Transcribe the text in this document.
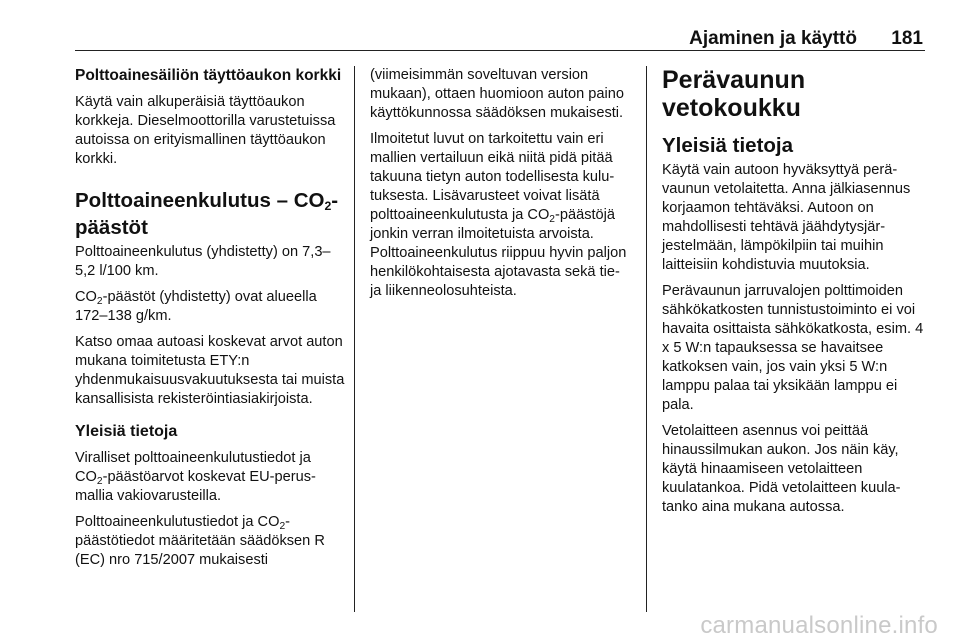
Ajaminen ja käyttö 181
Polttoainesäiliön täyttöaukon korkki

Käytä vain alkuperäisiä täyttöaukon korkkeja. Dieselmoottorilla varustetuissa autoissa on erityismallinen täyttöaukon korkki.

Polttoaineenkulutus – $CO_2$-päästöt

Polttoaineenkulutus (yhdistetty) on 7,3–5,2 l/100 km.

$CO_2$-päästöt (yhdistetty) ovat alueella 172–138 g/km.

Katso omaa autoasi koskevat arvot auton mukana toimitetusta ETY:n yhdenmukaisuusvakuutuksesta tai muista kansallisista rekisteröintiasiakirjoista.

Yleisiä tietoja

Viralliset polttoaineenkulutustiedot ja $CO_2$-päästöarvot koskevat EU-perusmallia vakiovarusteilla.

Polttoaineenkulutustiedot ja $CO_2$-päästötiedot määritetään säädöksen R (EC) nro 715/2007 mukaisesti

(viimeisimmän soveltuvan version mukaan), ottaen huomioon auton paino käyttökunnossa säädöksen mukaisesti.

Ilmoitetut luvut on tarkoitettu vain eri mallien vertailuun eikä niitä pidä pitää takuuna tietyn auton todellisesta kulutuksesta. Lisävarusteet voivat lisätä polttoaineenkulutusta ja $CO_2$-päästöjä jonkin verran ilmoitetuista arvoista. Polttoaineenkulutus riippuu hyvin paljon henkilökohtaisesta ajotavasta sekä tie- ja liikenneolosuhteista.

Perävaunun vetokoukku
Yleisiä tietoja

Käytä vain autoon hyväksyttyä perävaunun vetolaitetta. Anna jälkiasennus korjaamon tehtäväksi. Autoon on mahdollisesti tehtävä jäähdytysjärjestelmään, lämpökilpiin tai muihin laitteisiin kohdistuvia muutoksia.

Perävaunun jarruvalojen polttimoiden sähkökatkosten tunnistustoiminto ei voi havaita osittaista sähkökatkosta, esim. 4 x 5 W:n tapauksessa se havaitsee katkoksen vain, jos vain yksi 5 W:n lamppu palaa tai yksikään lamppu ei pala.

Vetolaitteen asennus voi peittää hinaussilmukan aukon. Jos näin käy, käytä hinaamiseen vetolaitteen kuulatankoa. Pidä vetolaitteen kuulatanko aina mukana autossa.

carmanualsonline.info
